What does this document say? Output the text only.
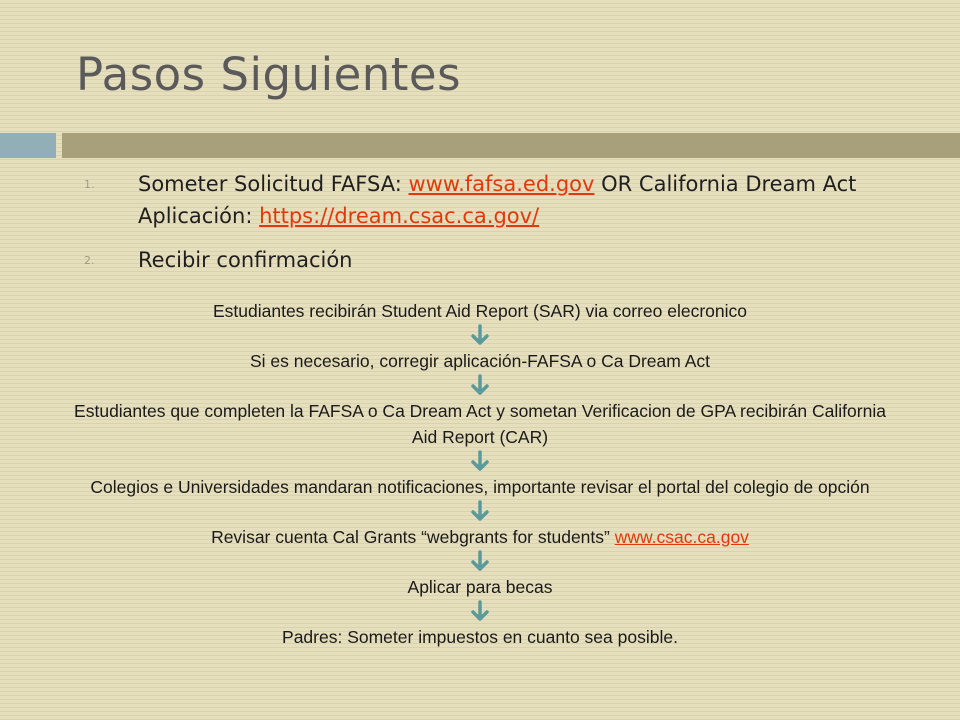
Pasos Siguientes
1. Someter Solicitud FAFSA: www.fafsa.ed.gov OR California Dream Act Aplicación: https://dream.csac.ca.gov/
2. Recibir confirmación
Estudiantes recibirán Student Aid Report (SAR) via correo elecronico
Si es necesario, corregir aplicación-FAFSA o Ca Dream Act
Estudiantes que completen la FAFSA o Ca Dream Act y sometan Verificacion de GPA recibirán California Aid Report (CAR)
Colegios e Universidades mandaran notificaciones, importante revisar el portal del colegio de opción
Revisar cuenta Cal Grants “webgrants for students” www.csac.ca.gov
Aplicar para becas
Padres: Someter impuestos en cuanto sea posible.
